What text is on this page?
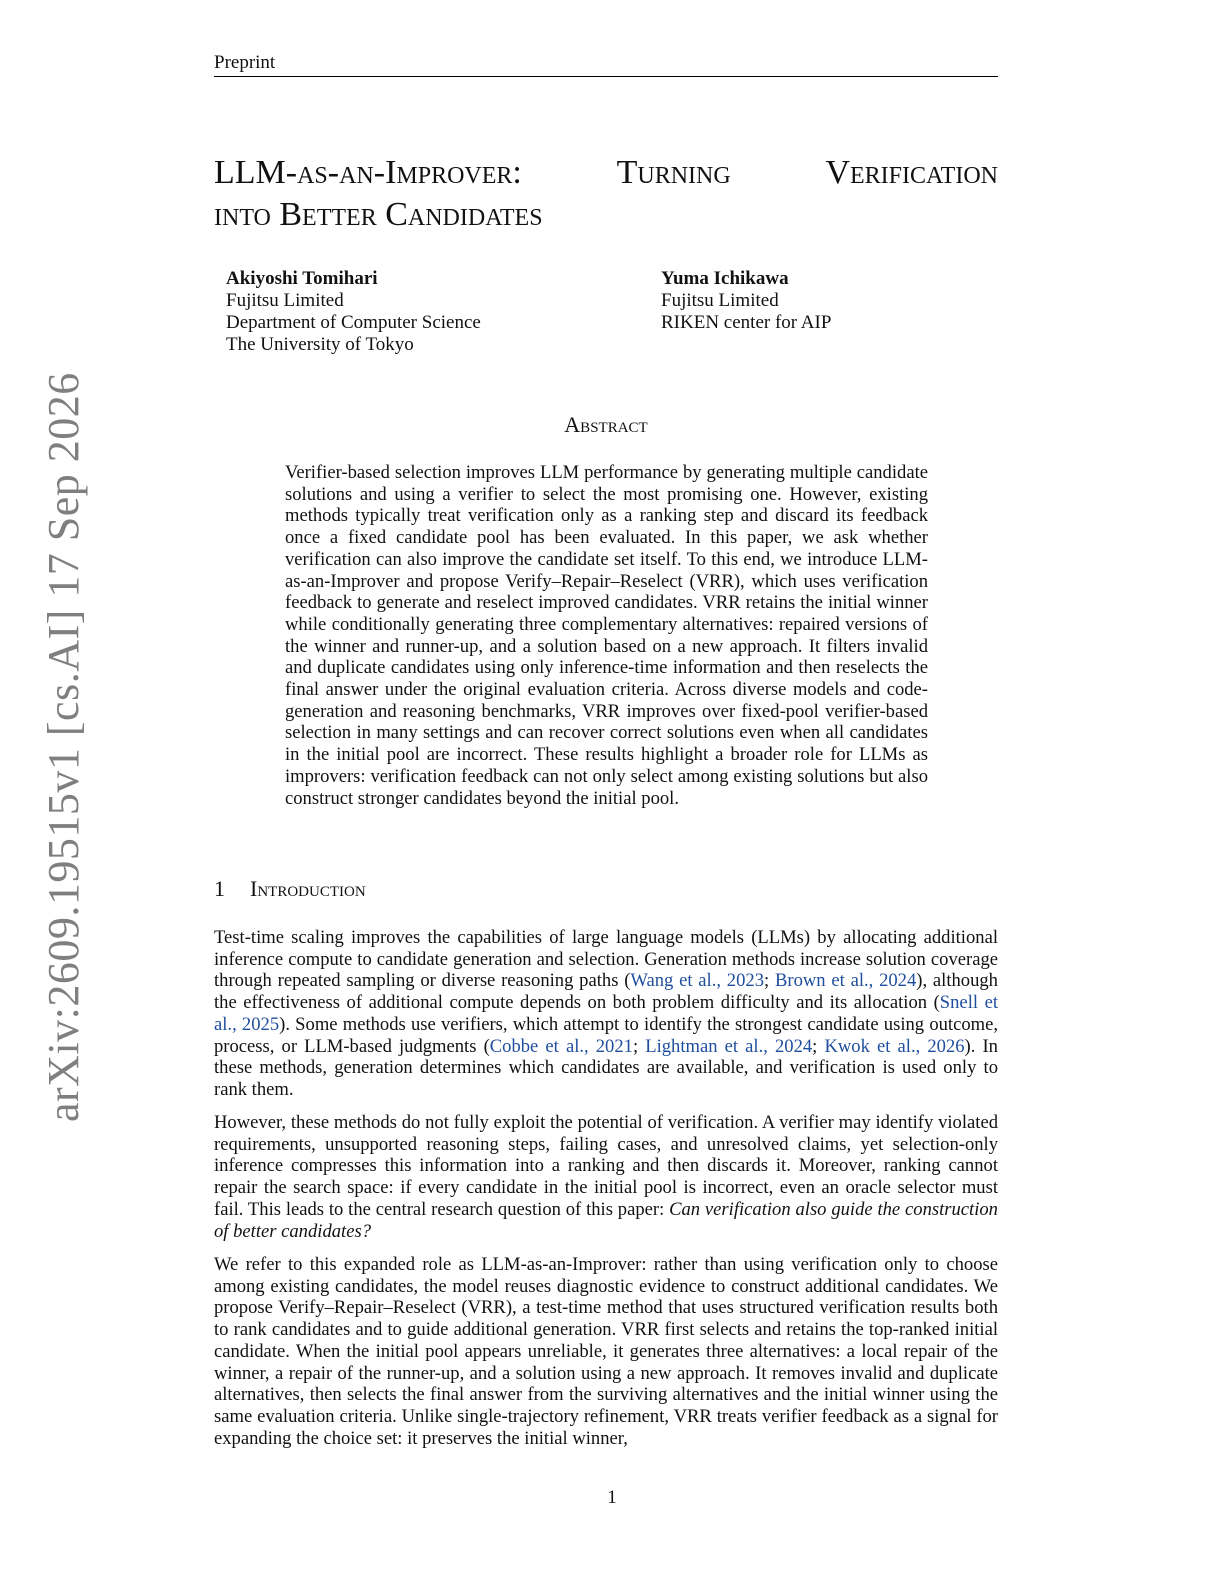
Preprint
LLM-as-an-Improver:	Turning	Verification
into Better Candidates
Akiyoshi Tomihari
Fujitsu Limited
Department of Computer Science
The University of Tokyo
Yuma Ichikawa
Fujitsu Limited
RIKEN center for AIP
arXiv:2609.19515v1 [cs.AI] 17 Sep 2026	Abstract

Verifier-based selection improves LLM performance by generating multiple candidate solutions and using a verifier to select the most promising one. However, existing methods typically treat verification only as a ranking step and discard its feedback once a fixed candidate pool has been evaluated. In this paper, we ask whether verification can also improve the candidate set itself. To this end, we introduce LLM-as-an-Improver and propose Verify–Repair–Reselect (VRR), which uses verification feedback to generate and reselect improved candidates. VRR retains the initial winner while conditionally generating three complementary alternatives: repaired versions of the winner and runner-up, and a solution based on a new approach. It filters invalid and duplicate candidates using only inference-time information and then reselects the final answer under the original evaluation criteria. Across diverse models and code-generation and reasoning benchmarks, VRR improves over fixed-pool verifier-based selection in many settings and can recover correct solutions even when all candidates in the initial pool are incorrect. These results highlight a broader role for LLMs as improvers: verification feedback can not only select among existing solutions but also construct stronger candidates beyond the initial pool.

1 Introduction

Test-time scaling improves the capabilities of large language models (LLMs) by allocating additional inference compute to candidate generation and selection. Generation methods increase solution coverage through repeated sampling or diverse reasoning paths (Wang et al., 2023; Brown et al., 2024), although the effectiveness of additional compute depends on both problem difficulty and its allocation (Snell et al., 2025). Some methods use verifiers, which attempt to identify the strongest candidate using outcome, process, or LLM-based judgments (Cobbe et al., 2021; Lightman et al., 2024; Kwok et al., 2026). In these methods, generation determines which candidates are available, and verification is used only to rank them.

However, these methods do not fully exploit the potential of verification. A verifier may identify violated requirements, unsupported reasoning steps, failing cases, and unresolved claims, yet selection-only inference compresses this information into a ranking and then discards it. Moreover, ranking cannot repair the search space: if every candidate in the initial pool is incorrect, even an oracle selector must fail. This leads to the central research question of this paper: Can verification also guide the construction of better candidates?

We refer to this expanded role as LLM-as-an-Improver: rather than using verification only to choose among existing candidates, the model reuses diagnostic evidence to construct additional candidates. We propose Verify–Repair–Reselect (VRR), a test-time method that uses structured verification results both to rank candidates and to guide additional generation. VRR first selects and retains the top-ranked initial candidate. When the initial pool appears unreliable, it generates three alternatives: a local repair of the winner, a repair of the runner-up, and a solution using a new approach. It removes invalid and duplicate alternatives, then selects the final answer from the surviving alternatives and the initial winner using the same evaluation criteria. Unlike single-trajectory refinement, VRR treats verifier feedback as a signal for expanding the choice set: it preserves the initial winner,

1
